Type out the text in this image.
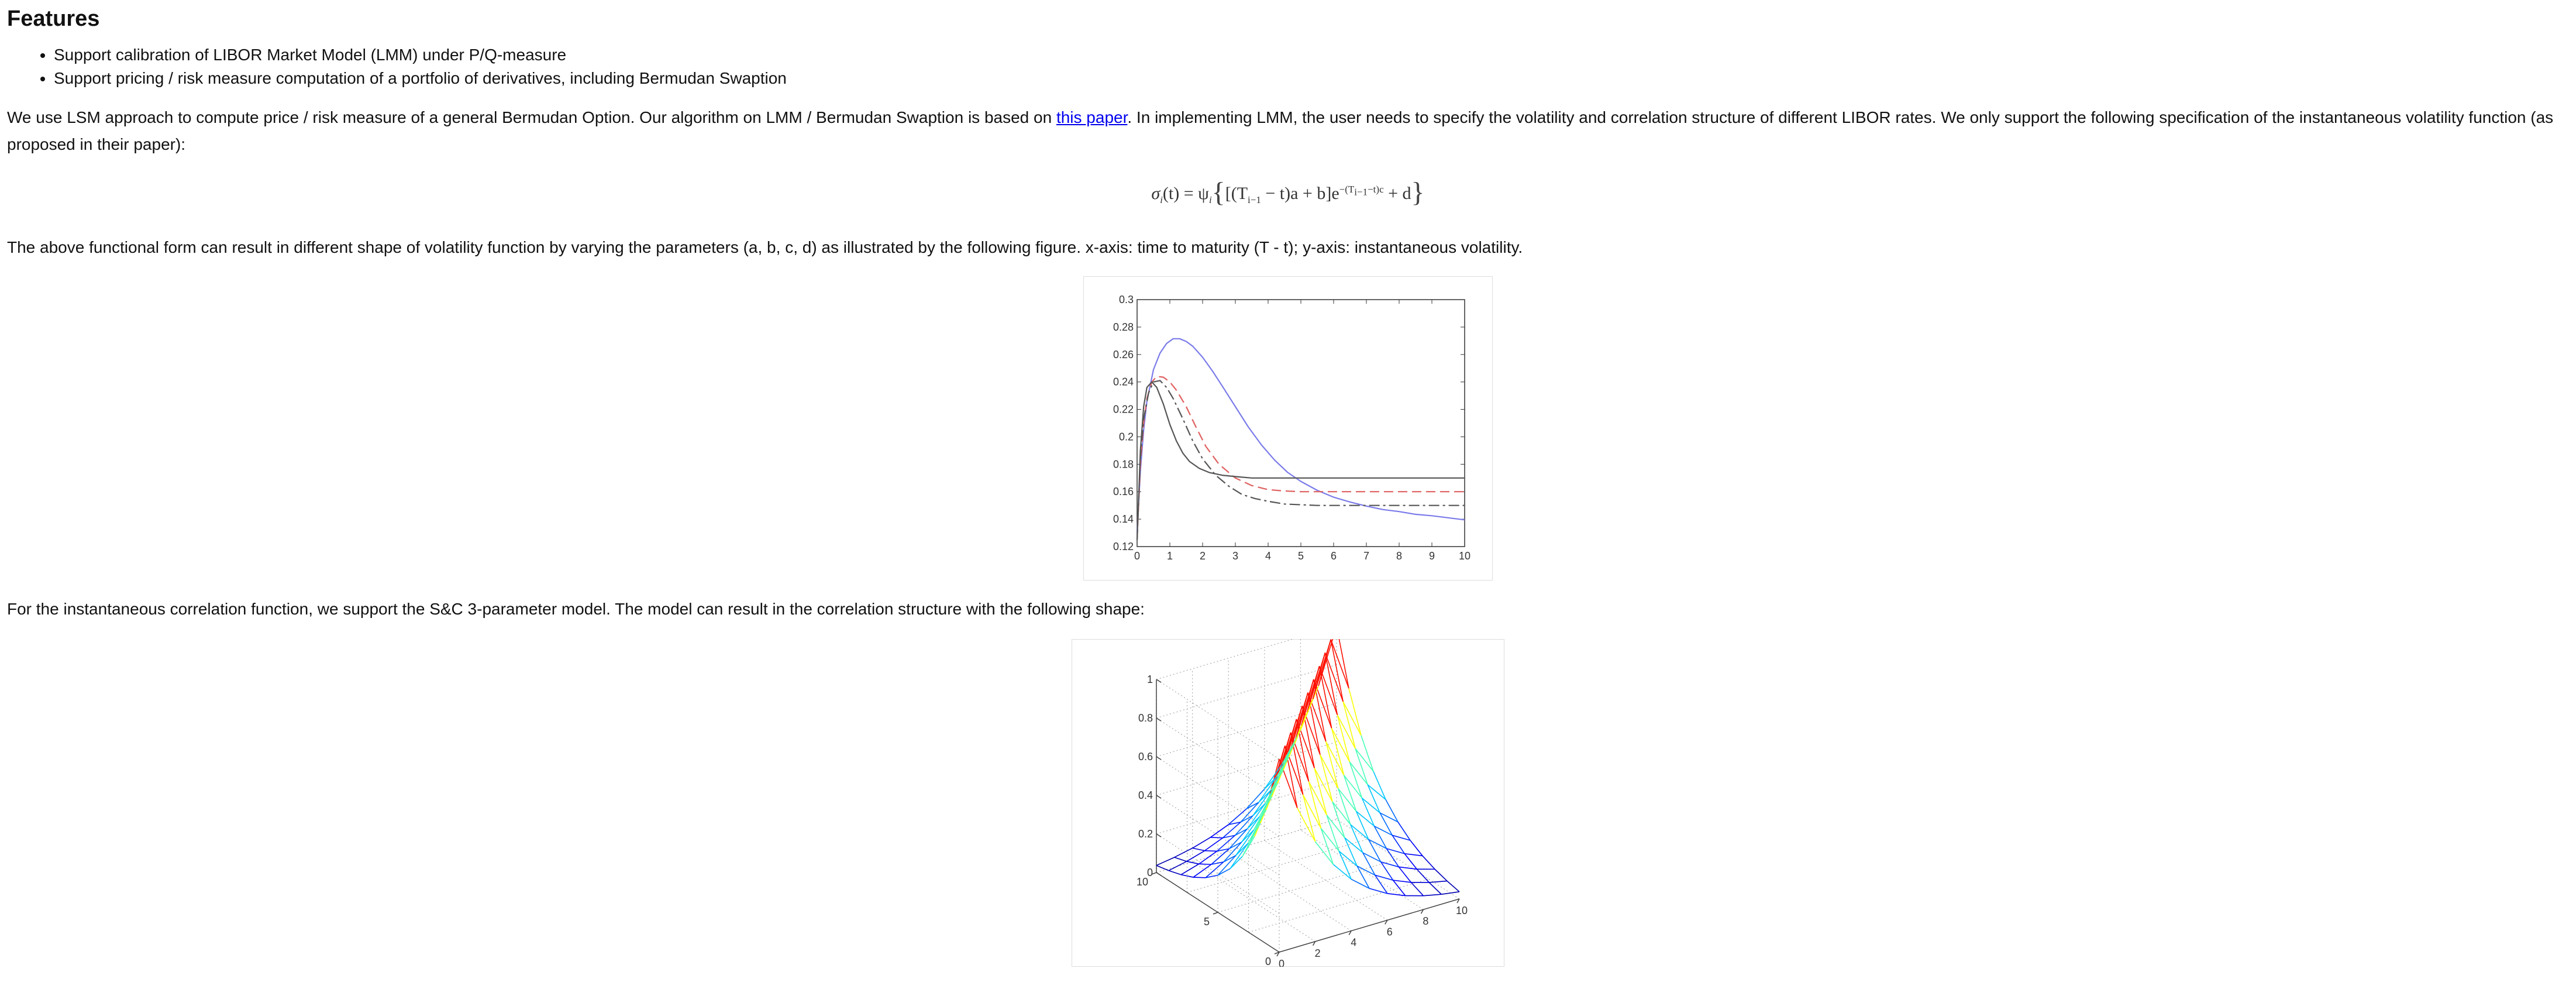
Features
• Support calibration of LIBOR Market Model (LMM) under P/Q-measure
• Support pricing / risk measure computation of a portfolio of derivatives, including Bermudan Swaption

We use LSM approach to compute price / risk measure of a general Bermudan Option. Our algorithm on LMM / Bermudan Swaption is based on this paper. In implementing LMM, the user needs to specify the volatility and correlation structure of different LIBOR rates. We only support the following specification of the instantaneous volatility function (as proposed in their paper):

$\sigma_i(t) = \psi_i\{[(T_{i-1} - t)a + b]e^{-(T_{i-1}-t)c} + d\}$

The above functional form can result in different shape of volatility function by varying the parameters (a, b, c, d) as illustrated by the following figure. x-axis: time to maturity (T - t); y-axis: instantaneous volatility.

0	1	2	3	4	5	6	7	8	9 10
0.12
0.14
0.16
0.18
0.2
0.22
0.24
0.26
0.28
0.3

For the instantaneous correlation function, we support the S&C 3-parameter model. The model can result in the correlation structure with the following shape:

0
0.2
0.4
0.6
0.8
1
0
2
4
6
8
10
0
5
10
